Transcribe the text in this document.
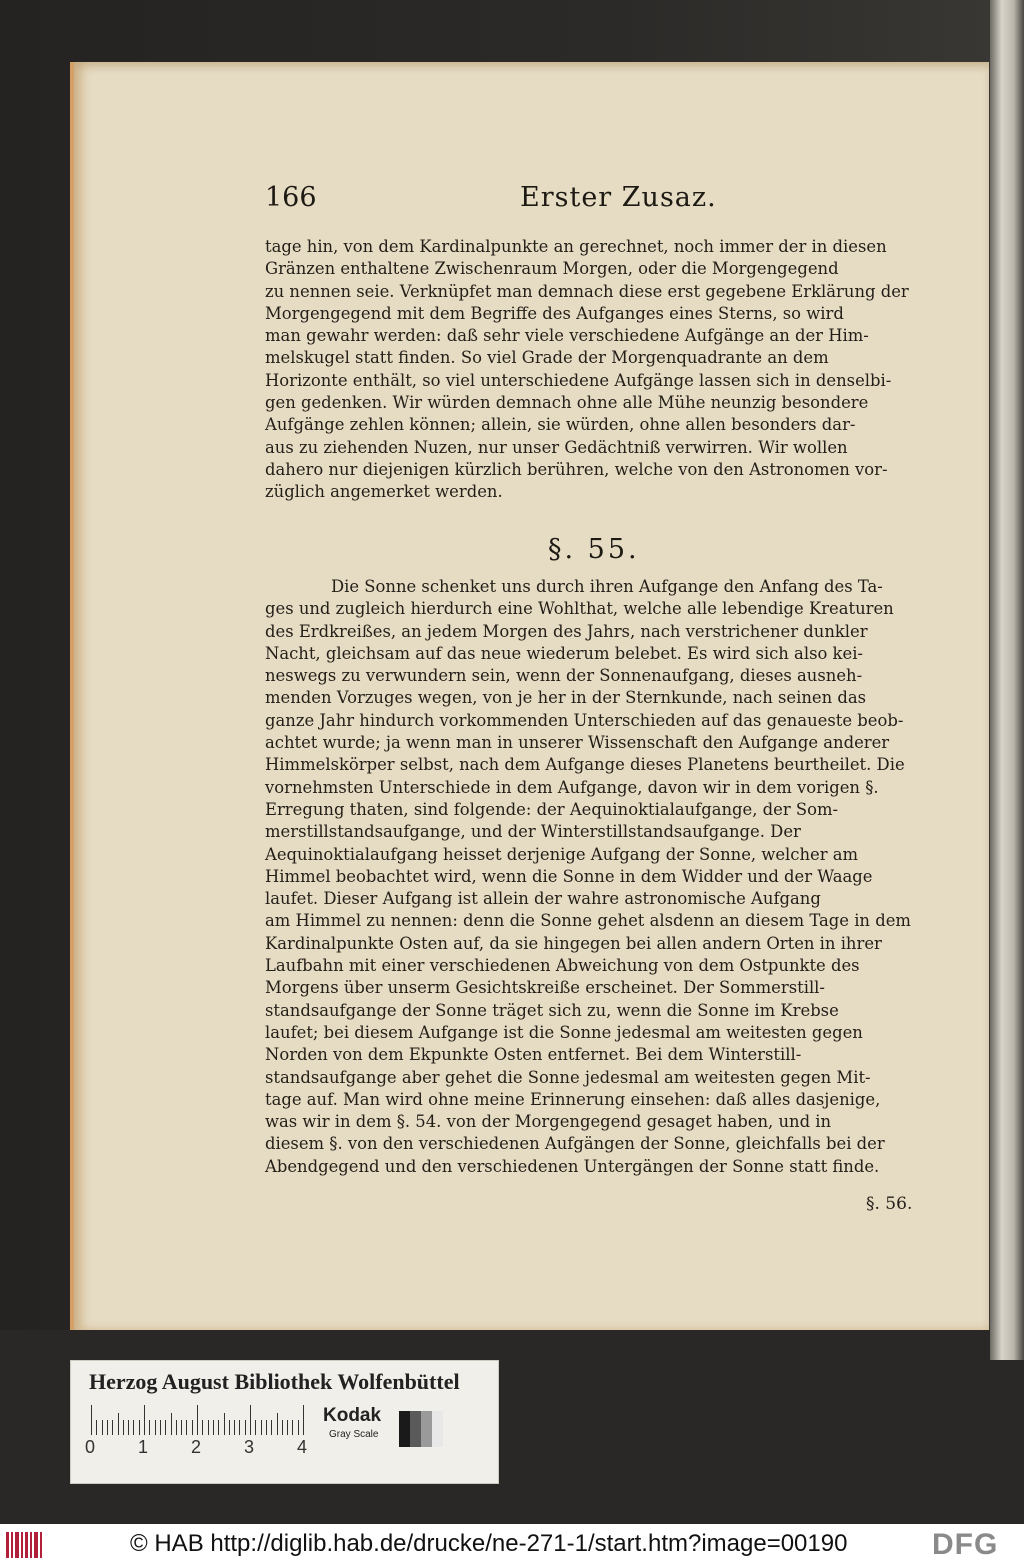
166	Erster Zusaz.
tage hin, von dem Kardinalpunkte an gerechnet, noch immer der in diesen
Gränzen enthaltene Zwischenraum Morgen, oder die Morgengegend
zu nennen seie. Verknüpfet man demnach diese erst gegebene Erklärung der
Morgengegend mit dem Begriffe des Aufganges eines Sterns, so wird
man gewahr werden: daß sehr viele verschiedene Aufgänge an der Him-
melskugel statt finden. So viel Grade der Morgenquadrante an dem
Horizonte enthält, so viel unterschiedene Aufgänge lassen sich in denselbi-
gen gedenken. Wir würden demnach ohne alle Mühe neunzig besondere
Aufgänge zehlen können; allein, sie würden, ohne allen besonders dar-
aus zu ziehenden Nuzen, nur unser Gedächtniß verwirren. Wir wollen
dahero nur diejenigen kürzlich berühren, welche von den Astronomen vor-
züglich angemerket werden.
§. 55.
Die Sonne schenket uns durch ihren Aufgange den Anfang des Ta-
ges und zugleich hierdurch eine Wohlthat, welche alle lebendige Kreaturen
des Erdkreißes, an jedem Morgen des Jahrs, nach verstrichener dunkler
Nacht, gleichsam auf das neue wiederum belebet. Es wird sich also kei-
neswegs zu verwundern sein, wenn der Sonnenaufgang, dieses ausneh-
menden Vorzuges wegen, von je her in der Sternkunde, nach seinen das
ganze Jahr hindurch vorkommenden Unterschieden auf das genaueste beob-
achtet wurde; ja wenn man in unserer Wissenschaft den Aufgange anderer
Himmelskörper selbst, nach dem Aufgange dieses Planetens beurtheilet. Die
vornehmsten Unterschiede in dem Aufgange, davon wir in dem vorigen §.
Erregung thaten, sind folgende: der Aequinoktialaufgange, der Som-
merstillstandsaufgange, und der Winterstillstandsaufgange. Der
Aequinoktialaufgang heisset derjenige Aufgang der Sonne, welcher am
Himmel beobachtet wird, wenn die Sonne in dem Widder und der Waage
laufet. Dieser Aufgang ist allein der wahre astronomische Aufgang
am Himmel zu nennen: denn die Sonne gehet alsdenn an diesem Tage in dem
Kardinalpunkte Osten auf, da sie hingegen bei allen andern Orten in ihrer
Laufbahn mit einer verschiedenen Abweichung von dem Ostpunkte des
Morgens über unserm Gesichtskreiße erscheinet. Der Sommerstill-
standsaufgange der Sonne träget sich zu, wenn die Sonne im Krebse
laufet; bei diesem Aufgange ist die Sonne jedesmal am weitesten gegen
Norden von dem Ekpunkte Osten entfernet. Bei dem Winterstill-
standsaufgange aber gehet die Sonne jedesmal am weitesten gegen Mit-
tage auf. Man wird ohne meine Erinnerung einsehen: daß alles dasjenige,
was wir in dem §. 54. von der Morgengegend gesaget haben, und in
diesem §. von den verschiedenen Aufgängen der Sonne, gleichfalls bei der
Abendgegend und den verschiedenen Untergängen der Sonne statt finde.
§. 56.
Herzog August Bibliothek Wolfenbüttel
0 1 2 3 4
Kodak
Gray Scale
© HAB http://diglib.hab.de/drucke/ne-271-1/start.htm?image=00190	DFG
